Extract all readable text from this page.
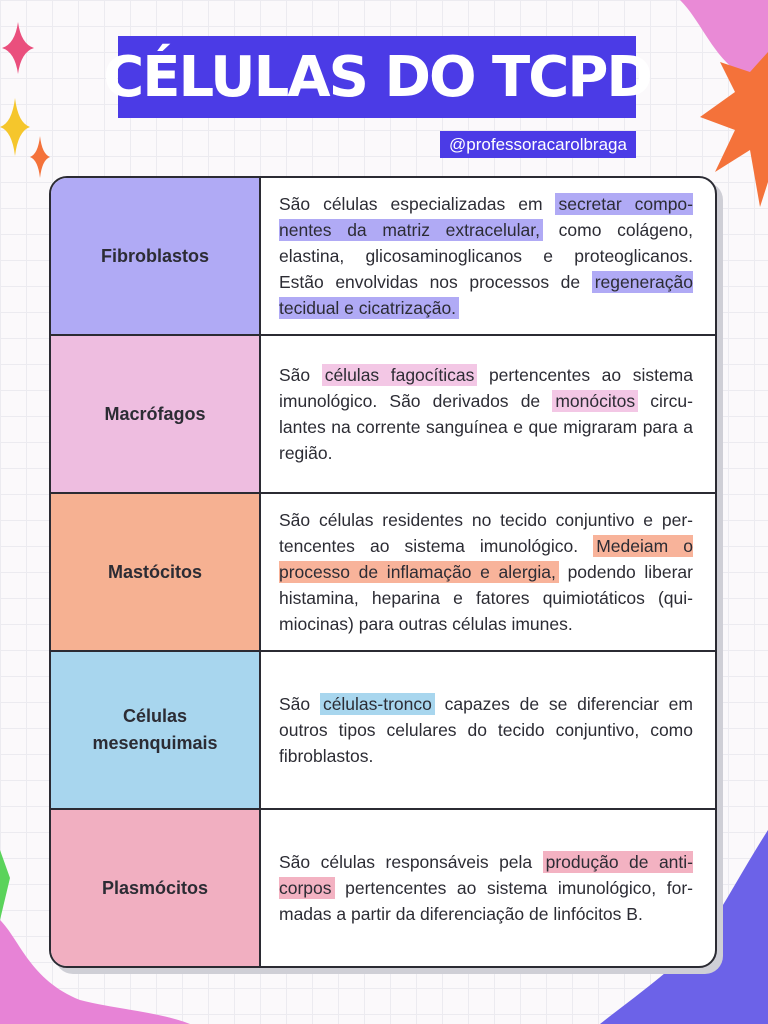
CÉLULAS DO TCPD
@professoracarolbraga
Fibroblastos

São células especializadas em secretar compo-nentes da matriz extracelular, como colágeno, elastina, glicosaminoglicanos e proteoglicanos. Estão envolvidas nos processos de regeneração tecidual e cicatrização.

Macrófagos

São células fagocíticas pertencentes ao sistema imunológico. São derivados de monócitos circu-lantes na corrente sanguínea e que migraram para a região.

Mastócitos

São células residentes no tecido conjuntivo e per-tencentes ao sistema imunológico. Medeiam o processo de inflamação e alergia, podendo liberar histamina, heparina e fatores quimiotáticos (qui-miocinas) para outras células imunes.

Células mesenquimais

São células-tronco capazes de se diferenciar em outros tipos celulares do tecido conjuntivo, como fibroblastos.

Plasmócitos

São células responsáveis pela produção de anti-corpos pertencentes ao sistema imunológico, for-madas a partir da diferenciação de linfócitos B.
